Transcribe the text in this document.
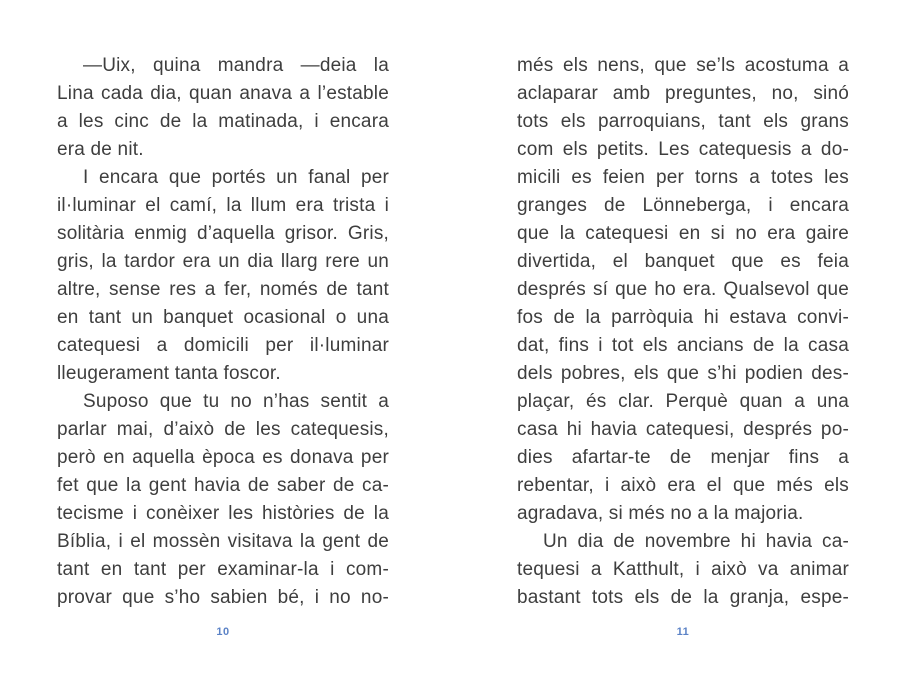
—Uix, quina mandra —deia la
Lina cada dia, quan anava a l’estable
a les cinc de la matinada, i encara
era de nit.
I encara que portés un fanal per
il·luminar el camí, la llum era trista i
solitària enmig d’aquella grisor. Gris,
gris, la tardor era un dia llarg rere un
altre, sense res a fer, només de tant
en tant un banquet ocasional o una
catequesi a domicili per il·luminar
lleugerament tanta foscor.
Suposo que tu no n’has sentit a
parlar mai, d’això de les catequesis,
però en aquella època es donava per
fet que la gent havia de saber de ca-
tecisme i conèixer les històries de la
Bíblia, i el mossèn visitava la gent de
tant en tant per examinar-la i com-
provar que s’ho sabien bé, i no no-
10
més els nens, que se’ls acostuma a
aclaparar amb preguntes, no, sinó
tots els parroquians, tant els grans
com els petits. Les catequesis a do-
micili es feien per torns a totes les
granges de Lönneberga, i encara
que la catequesi en si no era gaire
divertida, el banquet que es feia
després sí que ho era. Qualsevol que
fos de la parròquia hi estava convi-
dat, fins i tot els ancians de la casa
dels pobres, els que s’hi podien des-
plaçar, és clar. Perquè quan a una
casa hi havia catequesi, després po-
dies afartar-te de menjar fins a
rebentar, i això era el que més els
agradava, si més no a la majoria.
Un dia de novembre hi havia ca-
tequesi a Katthult, i això va animar
bastant tots els de la granja, espe-
11
